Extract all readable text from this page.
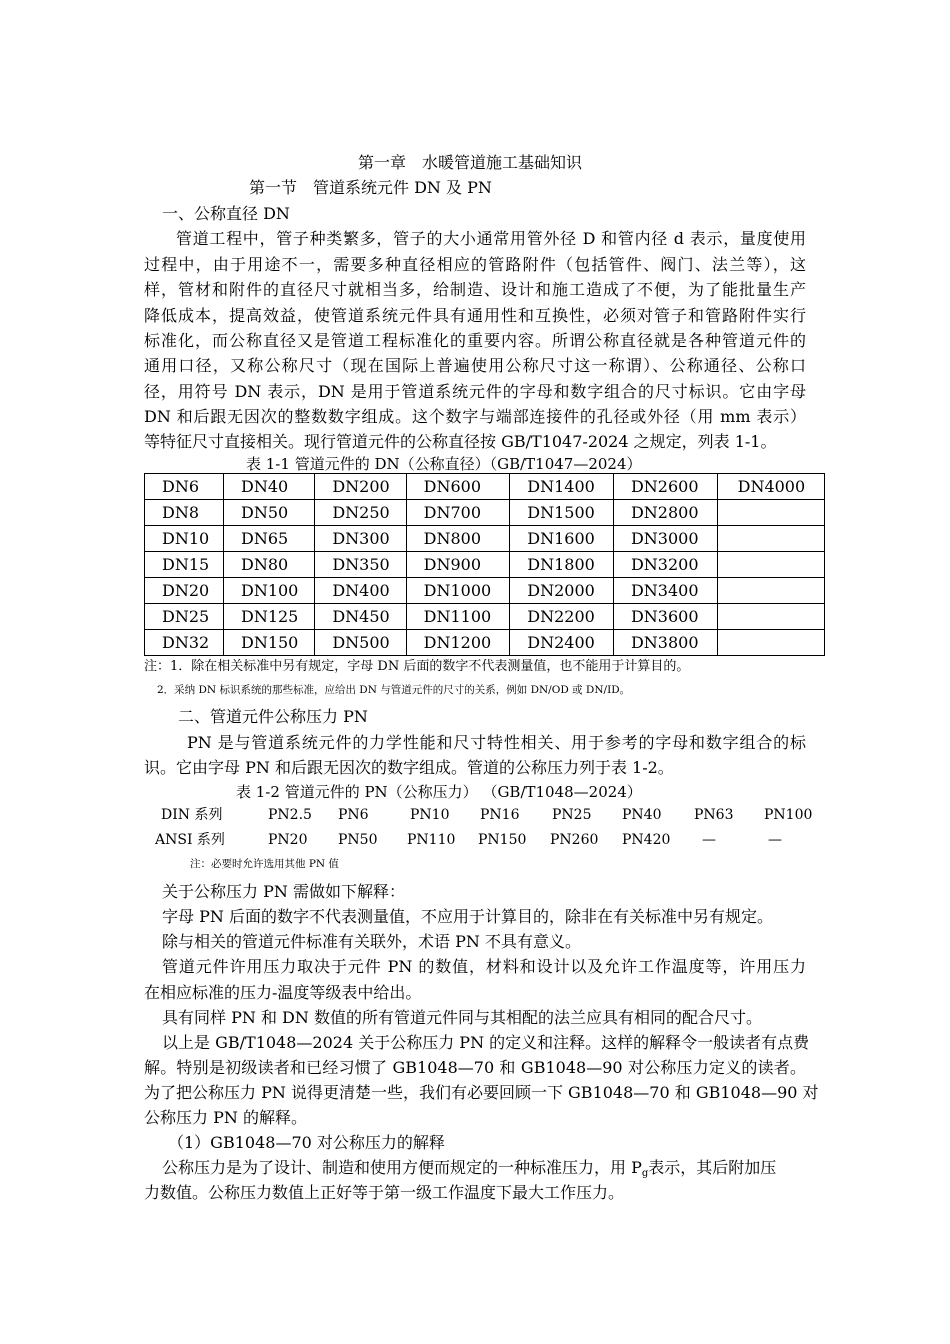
第一章　水暖管道施工基础知识
第一节　管道系统元件 DN 及 PN
一、公称直径 DN
管道工程中，管子种类繁多，管子的大小通常用管外径 D 和管内径 d 表示，量度使用
过程中，由于用途不一，需要多种直径相应的管路附件（包括管件、阀门、法兰等），这
样，管材和附件的直径尺寸就相当多，给制造、设计和施工造成了不便，为了能批量生产
降低成本，提高效益，使管道系统元件具有通用性和互换性，必须对管子和管路附件实行
标准化，而公称直径又是管道工程标准化的重要内容。所谓公称直径就是各种管道元件的
通用口径，又称公称尺寸（现在国际上普遍使用公称尺寸这一称谓）、公称通径、公称口
径，用符号 DN 表示，DN 是用于管道系统元件的字母和数字组合的尺寸标识。它由字母
DN 和后跟无因次的整数数字组成。这个数字与端部连接件的孔径或外径（用 mm 表示）
等特征尺寸直接相关。现行管道元件的公称直径按 GB/T1047-2024 之规定，列表 1-1。
表 1-1 管道元件的 DN（公称直径）（GB/T1047—2024）
DN6	DN40	DN200	DN600	DN1400	DN2600	DN4000
DN8	DN50	DN250	DN700	DN1500	DN2800	
DN10	DN65	DN300	DN800	DN1600	DN3000	
DN15	DN80	DN350	DN900	DN1800	DN3200	
DN20	DN100	DN400	DN1000	DN2000	DN3400	
DN25	DN125	DN450	DN1100	DN2200	DN3600	
DN32	DN150	DN500	DN1200	DN2400	DN3800	
注：1．除在相关标准中另有规定，字母 DN 后面的数字不代表测量值，也不能用于计算目的。
2．采纳 DN 标识系统的那些标准，应给出 DN 与管道元件的尺寸的关系，例如 DN/OD 或 DN/ID。
二、管道元件公称压力 PN
PN 是与管道系统元件的力学性能和尺寸特性相关、用于参考的字母和数字组合的标
识。它由字母 PN 和后跟无因次的数字组成。管道的公称压力列于表 1-2。
表 1-2 管道元件的 PN（公称压力） （GB/T1048—2024）
DIN 系列	PN2.5 PN6	PN10 PN16 PN25 PN40 PN63 PN100
ANSI 系列	PN20 PN50 PN110 PN150 PN260 PN420 —	—
注：必要时允许选用其他 PN 值
关于公称压力 PN 需做如下解释：
字母 PN 后面的数字不代表测量值，不应用于计算目的，除非在有关标准中另有规定。
除与相关的管道元件标准有关联外，术语 PN 不具有意义。
管道元件许用压力取决于元件 PN 的数值，材料和设计以及允许工作温度等，许用压力
在相应标准的压力-温度等级表中给出。
具有同样 PN 和 DN 数值的所有管道元件同与其相配的法兰应具有相同的配合尺寸。
以上是 GB/T1048—2024 关于公称压力 PN 的定义和注释。这样的解释令一般读者有点费
解。特别是初级读者和已经习惯了 GB1048—70 和 GB1048—90 对公称压力定义的读者。
为了把公称压力 PN 说得更清楚一些，我们有必要回顾一下 GB1048—70 和 GB1048—90 对
公称压力 PN 的解释。
（1）GB1048—70 对公称压力的解释
公称压力是为了设计、制造和使用方便而规定的一种标准压力，用 $P_g$表示，其后附加压
力数值。公称压力数值上正好等于第一级工作温度下最大工作压力。
